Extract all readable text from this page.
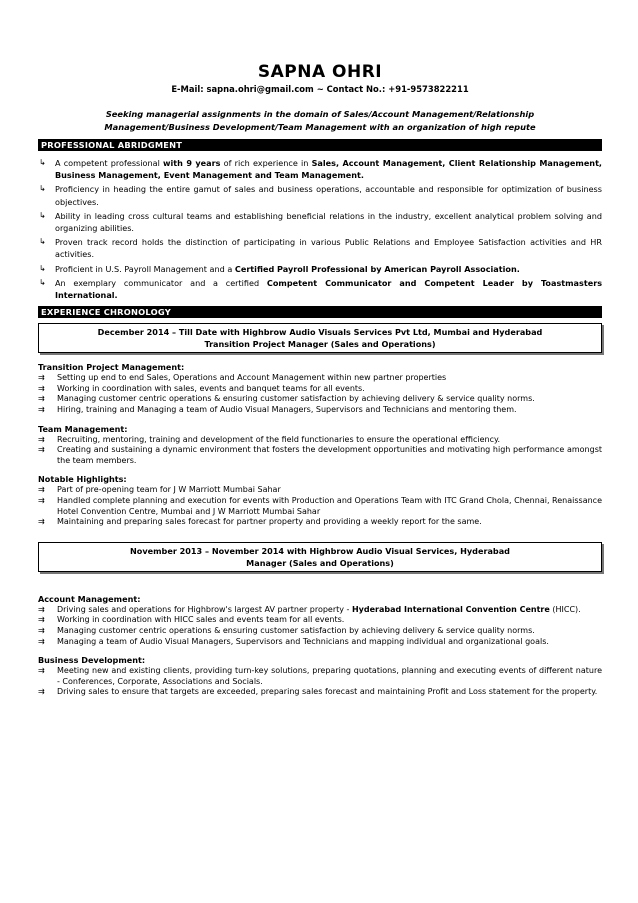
SAPNA OHRI
E-Mail: sapna.ohri@gmail.com ~ Contact No.: +91-9573822211
Seeking managerial assignments in the domain of Sales/Account Management/Relationship Management/Business Development/Team Management with an organization of high repute
PROFESSIONAL ABRIDGMENT
↳ A competent professional with 9 years of rich experience in Sales, Account Management, Client Relationship Management, Business Management, Event Management and Team Management.
↳ Proficiency in heading the entire gamut of sales and business operations, accountable and responsible for optimization of business objectives.
↳ Ability in leading cross cultural teams and establishing beneficial relations in the industry, excellent analytical problem solving and organizing abilities.
↳ Proven track record holds the distinction of participating in various Public Relations and Employee Satisfaction activities and HR activities.
↳ Proficient in U.S. Payroll Management and a Certified Payroll Professional by American Payroll Association.
↳ An exemplary communicator and a certified Competent Communicator and Competent Leader by Toastmasters International.
EXPERIENCE CHRONOLOGY
December 2014 – Till Date with Highbrow Audio Visuals Services Pvt Ltd, Mumbai and Hyderabad
Transition Project Manager (Sales and Operations)
Transition Project Management:
⇉ Setting up end to end Sales, Operations and Account Management within new partner properties
⇉ Working in coordination with sales, events and banquet teams for all events.
⇉ Managing customer centric operations & ensuring customer satisfaction by achieving delivery & service quality norms.
⇉ Hiring, training and Managing a team of Audio Visual Managers, Supervisors and Technicians and mentoring them.
Team Management:
⇉ Recruiting, mentoring, training and development of the field functionaries to ensure the operational efficiency.
⇉ Creating and sustaining a dynamic environment that fosters the development opportunities and motivating high performance amongst the team members.
Notable Highlights:
⇉ Part of pre-opening team for J W Marriott Mumbai Sahar
⇉ Handled complete planning and execution for events with Production and Operations Team with ITC Grand Chola, Chennai, Renaissance Hotel Convention Centre, Mumbai and J W Marriott Mumbai Sahar
⇉ Maintaining and preparing sales forecast for partner property and providing a weekly report for the same.
November 2013 – November 2014 with Highbrow Audio Visual Services, Hyderabad
Manager (Sales and Operations)
Account Management:
⇉ Driving sales and operations for Highbrow's largest AV partner property - Hyderabad International Convention Centre (HICC).
⇉ Working in coordination with HICC sales and events team for all events.
⇉ Managing customer centric operations & ensuring customer satisfaction by achieving delivery & service quality norms.
⇉ Managing a team of Audio Visual Managers, Supervisors and Technicians and mapping individual and organizational goals.
Business Development:
⇉ Meeting new and existing clients, providing turn-key solutions, preparing quotations, planning and executing events of different nature - Conferences, Corporate, Associations and Socials.
⇉ Driving sales to ensure that targets are exceeded, preparing sales forecast and maintaining Profit and Loss statement for the property.
